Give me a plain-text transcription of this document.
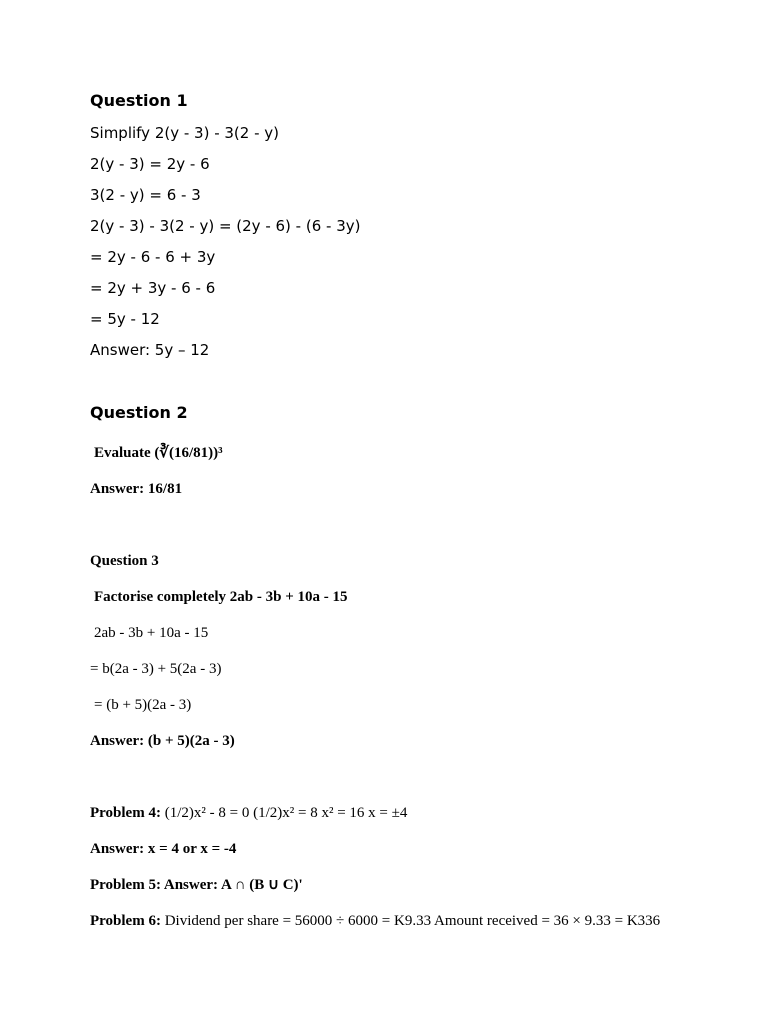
Question 1
Simplify 2(y - 3) - 3(2 - y)
2(y - 3) = 2y - 6
3(2 - y) = 6 - 3
2(y - 3) - 3(2 - y) = (2y - 6) - (6 - 3y)
= 2y - 6 - 6 + 3y
= 2y + 3y - 6 - 6
= 5y - 12
Answer: 5y – 12
Question 2
Evaluate (∛(16/81))³
Answer: 16/81
Question 3
Factorise completely 2ab - 3b + 10a - 15
2ab - 3b + 10a - 15
= b(2a - 3) + 5(2a - 3)
= (b + 5)(2a - 3)
Answer: (b + 5)(2a - 3)
Problem 4: (1/2)x² - 8 = 0 (1/2)x² = 8 x² = 16 x = ±4
Answer: x = 4 or x = -4
Problem 5: Answer: A ∩ (B ∪ C)'
Problem 6: Dividend per share = 56000 ÷ 6000 = K9.33 Amount received = 36 × 9.33 = K336
